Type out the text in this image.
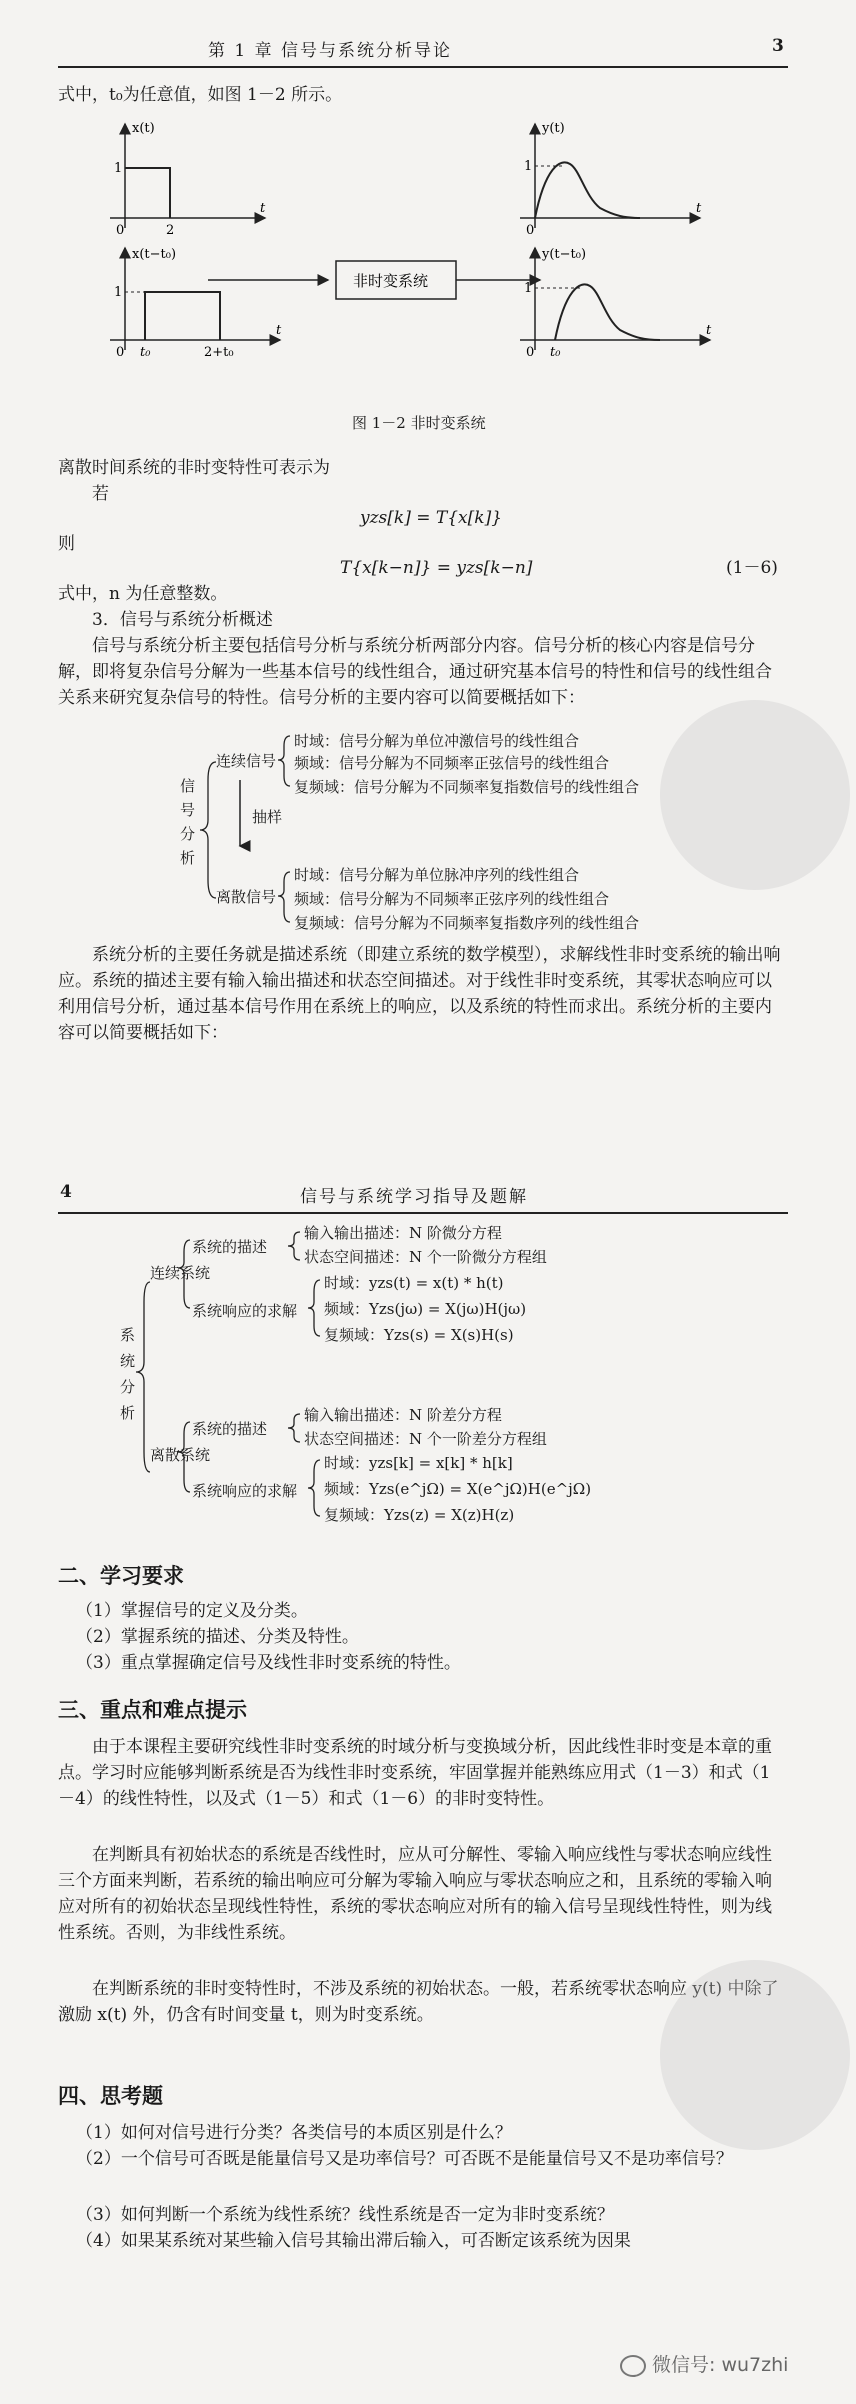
第 1 章 信号与系统分析导论	3
式中，t₀为任意值，如图 1－2 所示。
x(t)
1
0	2
t
x(t−t₀)
1
0 t₀	2+t₀
t
非时变系统
y(t)
1
0
t
y(t−t₀)
1
0 t₀
t
图 1－2 非时变系统
离散时间系统的非时变特性可表示为
若
yzs[k] = T{x[k]}
则
T{x[k−n]} = yzs[k−n]	(1－6)
式中，n 为任意整数。
3．信号与系统分析概述
信号与系统分析主要包括信号分析与系统分析两部分内容。信号分析的核心内容是信号分解，即将复杂信号分解为一些基本信号的线性组合，通过研究基本信号的特性和信号的线性组合关系来研究复杂信号的特性。信号分析的主要内容可以简要概括如下：
信
号
分
析
连续信号
抽样
离散信号
时域：信号分解为单位冲激信号的线性组合
频域：信号分解为不同频率正弦信号的线性组合
复频域：信号分解为不同频率复指数信号的线性组合
时域：信号分解为单位脉冲序列的线性组合
频域：信号分解为不同频率正弦序列的线性组合
复频域：信号分解为不同频率复指数序列的线性组合
系统分析的主要任务就是描述系统（即建立系统的数学模型），求解线性非时变系统的输出响应。系统的描述主要有输入输出描述和状态空间描述。对于线性非时变系统，其零状态响应可以利用信号分析，通过基本信号作用在系统上的响应，以及系统的特性而求出。系统分析的主要内容可以简要概括如下：
4	信号与系统学习指导及题解
系
统
分
析
连续系统
离散系统
系统的描述
系统响应的求解
系统的描述
系统响应的求解
输入输出描述：N 阶微分方程
状态空间描述：N 个一阶微分方程组
时域：yzs(t) = x(t) * h(t)
频域：Yzs(jω) = X(jω)H(jω)
复频域：Yzs(s) = X(s)H(s)
输入输出描述：N 阶差分方程
状态空间描述：N 个一阶差分方程组
时域：yzs[k] = x[k] * h[k]
频域：Yzs(e^jΩ) = X(e^jΩ)H(e^jΩ)
复频域：Yzs(z) = X(z)H(z)
二、学习要求
（1）掌握信号的定义及分类。
（2）掌握系统的描述、分类及特性。
（3）重点掌握确定信号及线性非时变系统的特性。
三、重点和难点提示
由于本课程主要研究线性非时变系统的时域分析与变换域分析，因此线性非时变是本章的重点。学习时应能够判断系统是否为线性非时变系统，牢固掌握并能熟练应用式（1－3）和式（1－4）的线性特性，以及式（1－5）和式（1－6）的非时变特性。
在判断具有初始状态的系统是否线性时，应从可分解性、零输入响应线性与零状态响应线性三个方面来判断，若系统的输出响应可分解为零输入响应与零状态响应之和，且系统的零输入响应对所有的初始状态呈现线性特性，系统的零状态响应对所有的输入信号呈现线性特性，则为线性系统。否则，为非线性系统。
在判断系统的非时变特性时，不涉及系统的初始状态。一般，若系统零状态响应 y(t) 中除了激励 x(t) 外，仍含有时间变量 t，则为时变系统。
四、思考题
（1）如何对信号进行分类？各类信号的本质区别是什么？
（2）一个信号可否既是能量信号又是功率信号？可否既不是能量信号又不是功率信号？
（3）如何判断一个系统为线性系统？线性系统是否一定为非时变系统？
（4）如果某系统对某些输入信号其输出滞后输入，可否断定该系统为因果
微信号: wu7zhi
